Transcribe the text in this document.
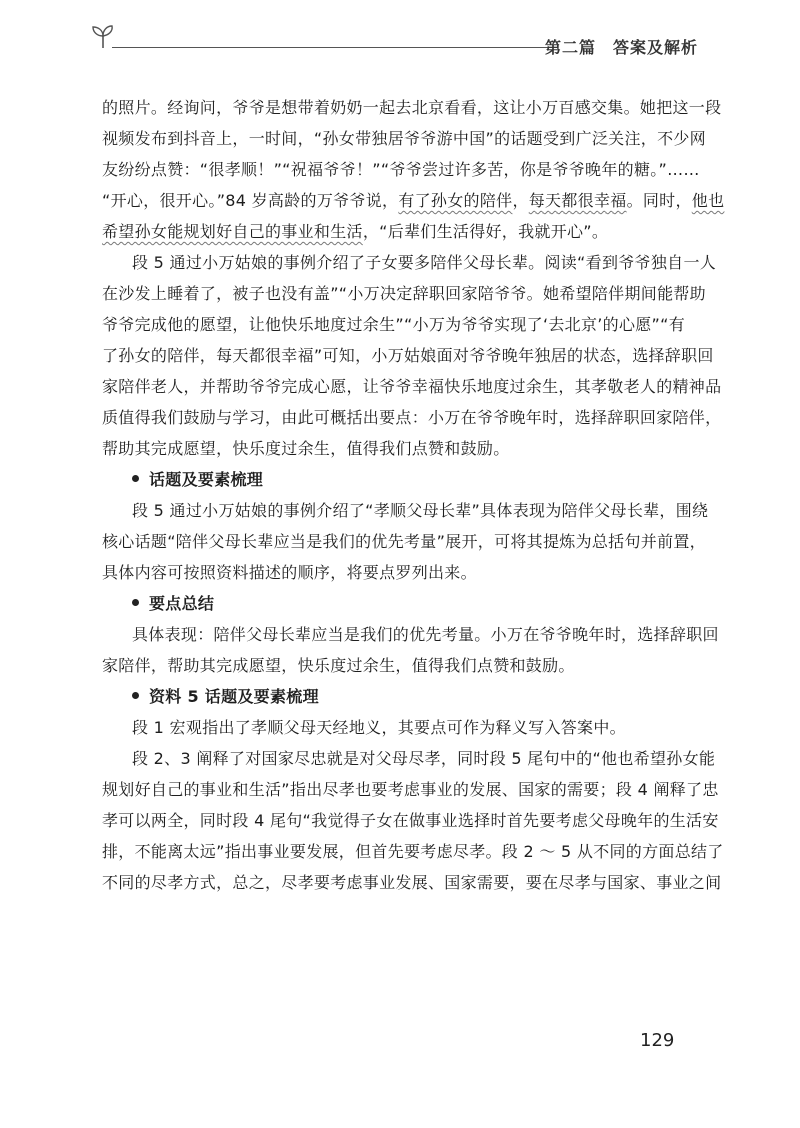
第二篇　答案及解析
的照片。经询问，爷爷是想带着奶奶一起去北京看看，这让小万百感交集。她把这一段
视频发布到抖音上，一时间，“孙女带独居爷爷游中国”的话题受到广泛关注，不少网
友纷纷点赞：“很孝顺！”“祝福爷爷！”“爷爷尝过许多苦，你是爷爷晚年的糖。”……
“开心，很开心。”84 岁高龄的万爷爷说，有了孙女的陪伴，每天都很幸福。同时，他也
希望孙女能规划好自己的事业和生活，“后辈们生活得好，我就开心”。
段 5 通过小万姑娘的事例介绍了子女要多陪伴父母长辈。阅读“看到爷爷独自一人
在沙发上睡着了，被子也没有盖”“小万决定辞职回家陪爷爷。她希望陪伴期间能帮助
爷爷完成他的愿望，让他快乐地度过余生”“小万为爷爷实现了‘去北京’的心愿”“有
了孙女的陪伴，每天都很幸福”可知，小万姑娘面对爷爷晚年独居的状态，选择辞职回
家陪伴老人，并帮助爷爷完成心愿，让爷爷幸福快乐地度过余生，其孝敬老人的精神品
质值得我们鼓励与学习，由此可概括出要点：小万在爷爷晚年时，选择辞职回家陪伴，
帮助其完成愿望，快乐度过余生，值得我们点赞和鼓励。
话题及要素梳理
段 5 通过小万姑娘的事例介绍了“孝顺父母长辈”具体表现为陪伴父母长辈，围绕
核心话题“陪伴父母长辈应当是我们的优先考量”展开，可将其提炼为总括句并前置，
具体内容可按照资料描述的顺序，将要点罗列出来。
要点总结
具体表现：陪伴父母长辈应当是我们的优先考量。小万在爷爷晚年时，选择辞职回
家陪伴，帮助其完成愿望，快乐度过余生，值得我们点赞和鼓励。
资料 5 话题及要素梳理
段 1 宏观指出了孝顺父母天经地义，其要点可作为释义写入答案中。
段 2、3 阐释了对国家尽忠就是对父母尽孝，同时段 5 尾句中的“他也希望孙女能
规划好自己的事业和生活”指出尽孝也要考虑事业的发展、国家的需要；段 4 阐释了忠
孝可以两全，同时段 4 尾句“我觉得子女在做事业选择时首先要考虑父母晚年的生活安
排，不能离太远”指出事业要发展，但首先要考虑尽孝。段 2 ～ 5 从不同的方面总结了
不同的尽孝方式，总之，尽孝要考虑事业发展、国家需要，要在尽孝与国家、事业之间
129
